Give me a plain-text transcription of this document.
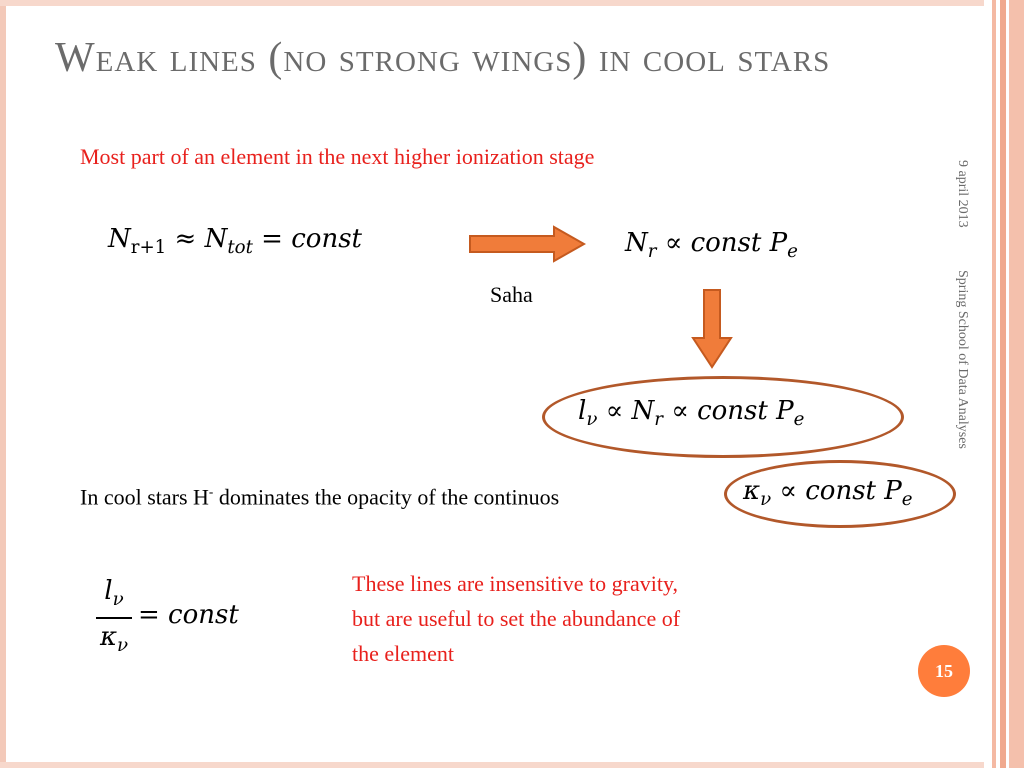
Weak lines (no strong wings) in cool stars
Most part of an element in the next higher ionization stage
$N_{r+1} \approx N_{tot}$ = const	$N_r$ ∝ const $P_e$
Saha
$l_\nu \propto N_r$ ∝ const $P_e$
In cool stars H- dominates the opacity of the continuos	$\kappa_\nu$ ∝ const $P_e$
$l_\nu$
$\kappa_\nu$
= const

These lines are insensitive to gravity,

but are useful to set the abundance of

the element

9 april 2013
Spring School of Data Analyses
15
